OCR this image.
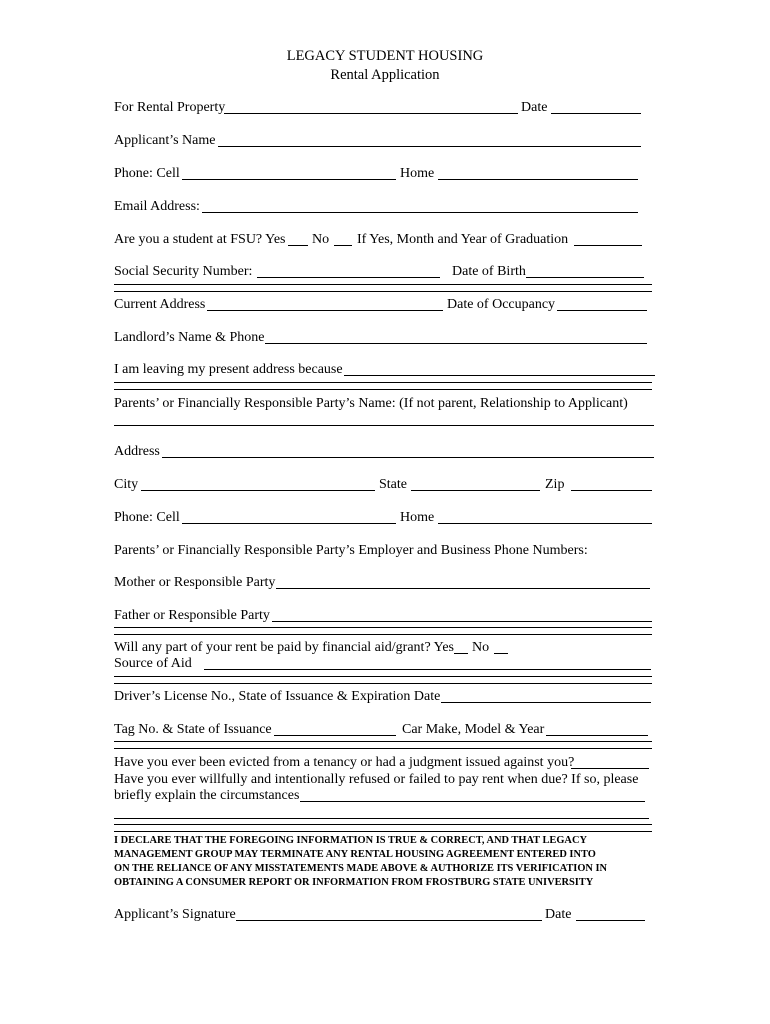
LEGACY STUDENT HOUSING
Rental Application
For Rental Property	Date
Applicant’s Name
Phone: Cell	Home
Email Address:
Are you a student at FSU? Yes No If Yes, Month and Year of Graduation
Social Security Number:	Date of Birth
Current Address	Date of Occupancy
Landlord’s Name & Phone
I am leaving my present address because
Parents’ or Financially Responsible Party’s Name: (If not parent, Relationship to Applicant)
Address
City	State	Zip
Phone: Cell	Home
Parents’ or Financially Responsible Party’s Employer and Business Phone Numbers:
Mother or Responsible Party
Father or Responsible Party
Will any part of your rent be paid by financial aid/grant? Yes No
Source of Aid
Driver’s License No., State of Issuance & Expiration Date
Tag No. & State of Issuance	Car Make, Model & Year
Have you ever been evicted from a tenancy or had a judgment issued against you?
Have you ever willfully and intentionally refused or failed to pay rent when due? If so, please
briefly explain the circumstances
I DECLARE THAT THE FOREGOING INFORMATION IS TRUE & CORRECT, AND THAT LEGACY
MANAGEMENT GROUP MAY TERMINATE ANY RENTAL HOUSING AGREEMENT ENTERED INTO
ON THE RELIANCE OF ANY MISSTATEMENTS MADE ABOVE & AUTHORIZE ITS VERIFICATION IN
OBTAINING A CONSUMER REPORT OR INFORMATION FROM FROSTBURG STATE UNIVERSITY
Applicant’s Signature	Date
